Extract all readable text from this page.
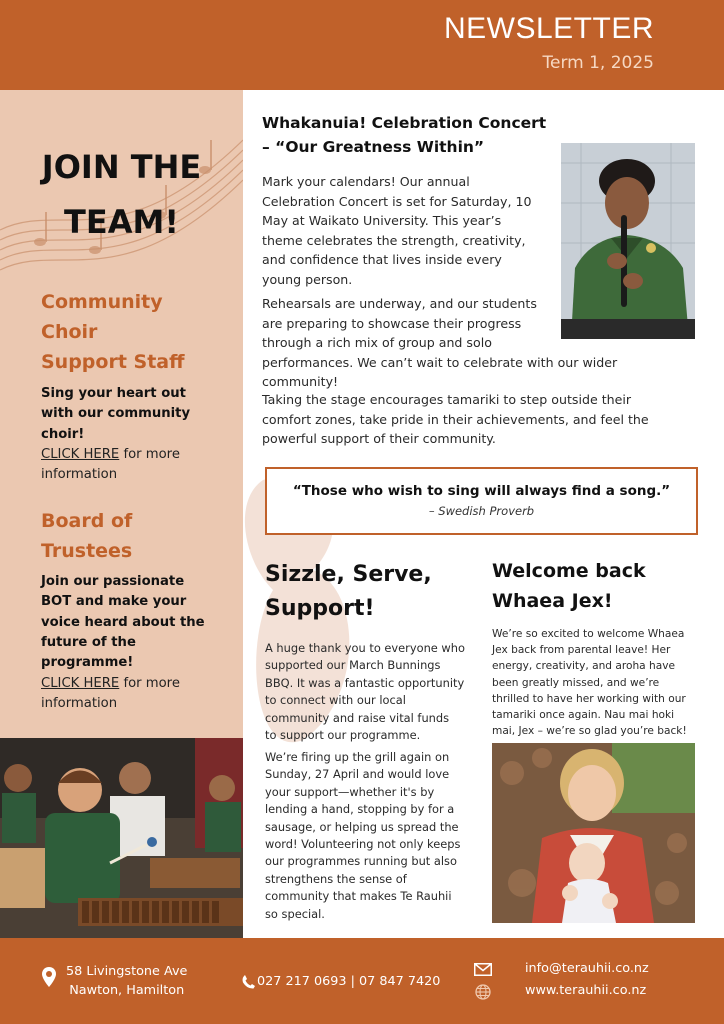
NEWSLETTER
Term 1, 2025
JOIN THE
TEAM!
Community
Choir
Support Staff
Sing your heart out
with our community
choir!
CLICK HERE for more
information
Board of
Trustees
Join our passionate
BOT and make your
voice heard about the
future of the
programme!
CLICK HERE for more
information
Whakanuia! Celebration Concert
– “Our Greatness Within”
Mark your calendars! Our annual
Celebration Concert is set for Saturday, 10
May at Waikato University. This year’s
theme celebrates the strength, creativity,
and confidence that lives inside every
young person.
Rehearsals are underway, and our students
are preparing to showcase their progress
through a rich mix of group and solo
performances. We can’t wait to celebrate with our wider
community!
Taking the stage encourages tamariki to step outside their
comfort zones, take pride in their achievements, and feel the
powerful support of their community.
“Those who wish to sing will always find a song.”
– Swedish Proverb
Sizzle, Serve,
Support!
A huge thank you to everyone who
supported our March Bunnings
BBQ. It was a fantastic opportunity
to connect with our local
community and raise vital funds
to support our programme.
We’re firing up the grill again on
Sunday, 27 April and would love
your support—whether it's by
lending a hand, stopping by for a
sausage, or helping us spread the
word! Volunteering not only keeps
our programmes running but also
strengthens the sense of
community that makes Te Rauhii
so special.
Welcome back
Whaea Jex!
We’re so excited to welcome Whaea
Jex back from parental leave! Her
energy, creativity, and aroha have
been greatly missed, and we’re
thrilled to have her working with our
tamariki once again. Nau mai hoki
mai, Jex – we’re so glad you’re back!
58 Livingstone Ave
Nawton, Hamilton
027 217 0693 | 07 847 7420
info@terauhii.co.nz
www.terauhii.co.nz
